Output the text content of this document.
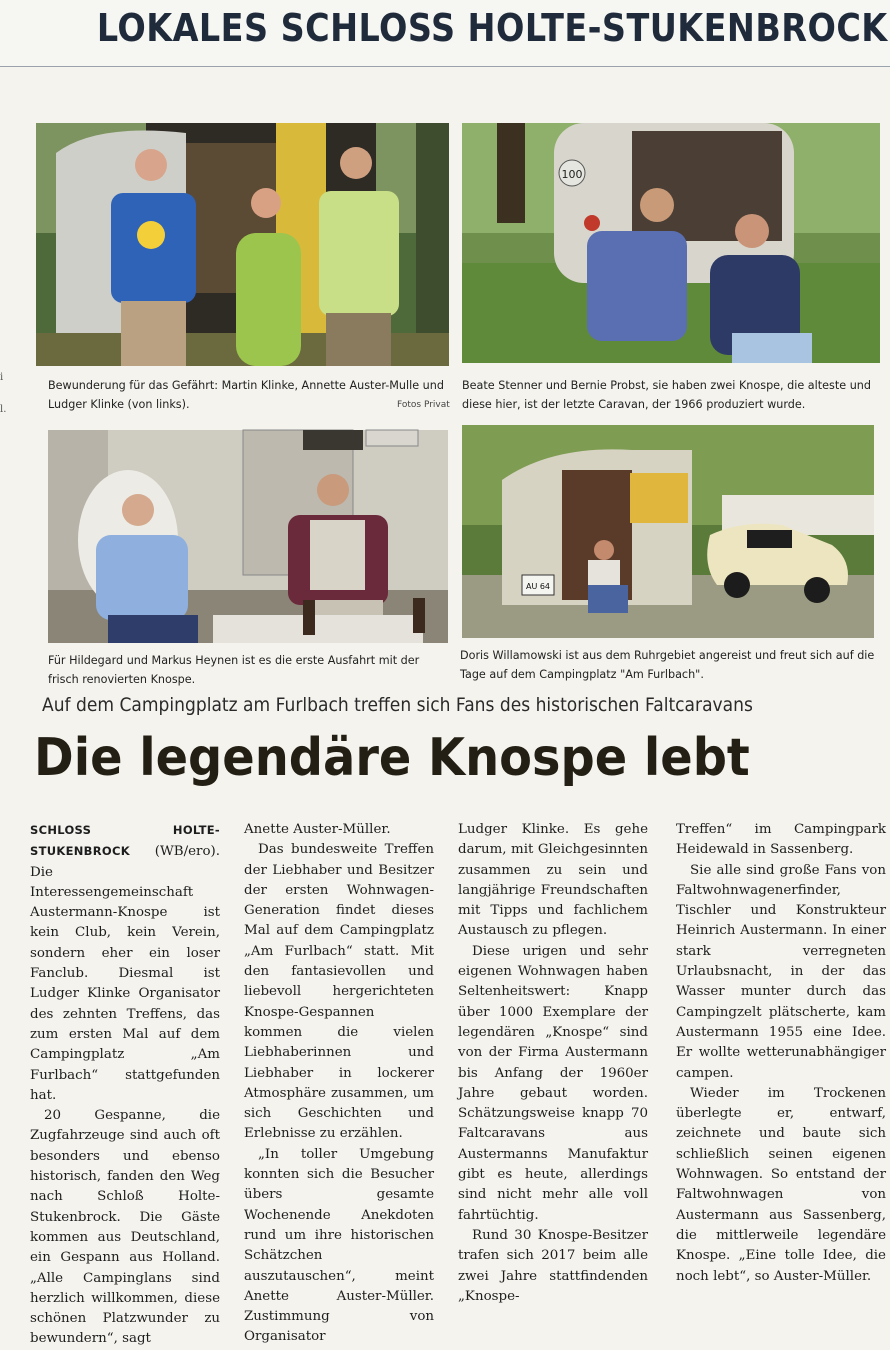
LOKALES SCHLOSS HOLTE-STUKENBROCK
i
l.
100
Bewunderung für das Gefährt: Martin Klinke, Annette Auster-Mulle und Ludger Klinke (von links).	Fotos Privat
Beate Stenner und Bernie Probst, sie haben zwei Knospe, die alteste und diese hier, ist der letzte Caravan, der 1966 produziert wurde.
AU 64
Für Hildegard und Markus Heynen ist es die erste Ausfahrt mit der frisch renovierten Knospe.
Doris Willamowski ist aus dem Ruhrgebiet angereist und freut sich auf die Tage auf dem Campingplatz "Am Furlbach".
Auf dem Campingplatz am Furlbach treffen sich Fans des historischen Faltcaravans
Die legendäre Knospe lebt

SCHLOSS HOLTE-STUKENBROCK (WB/ero). Die Interessengemeinschaft Austermann-Knospe ist kein Club, kein Verein, sondern eher ein loser Fanclub. Diesmal ist Ludger Klinke Organisator des zehnten Treffens, das zum ersten Mal auf dem Campingplatz „Am Furlbach“ stattgefunden hat.

20 Gespanne, die Zugfahrzeuge sind auch oft besonders und ebenso historisch, fanden den Weg nach Schloß Holte-Stukenbrock. Die Gäste kommen aus Deutschland, ein Gespann aus Holland. „Alle Campinglans sind herzlich willkommen, diese schönen Platzwunder zu bewundern“, sagt

Anette Auster-Müller.

Das bundesweite Treffen der Liebhaber und Besitzer der ersten Wohnwagen-Generation findet dieses Mal auf dem Campingplatz „Am Furlbach“ statt. Mit den fantasievollen und liebevoll hergerichteten Knospe-Gespannen kommen die vielen Liebhaberinnen und Liebhaber in lockerer Atmosphäre zusammen, um sich Geschichten und Erlebnisse zu erzählen.

„In toller Umgebung konnten sich die Besucher übers gesamte Wochenende Anekdoten rund um ihre historischen Schätzchen auszutauschen“, meint Anette Auster-Müller. Zustimmung von Organisator

Ludger Klinke. Es gehe darum, mit Gleichgesinnten zusammen zu sein und langjährige Freundschaften mit Tipps und fachlichem Austausch zu pflegen.

Diese urigen und sehr eigenen Wohnwagen haben Seltenheitswert: Knapp über 1000 Exemplare der legendären „Knospe“ sind von der Firma Austermann bis Anfang der 1960er Jahre gebaut worden. Schätzungsweise knapp 70 Faltcaravans aus Austermanns Manufaktur gibt es heute, allerdings sind nicht mehr alle voll fahrtüchtig.

Rund 30 Knospe-Besitzer trafen sich 2017 beim alle zwei Jahre stattfindenden „Knospe-

Treffen“ im Campingpark Heidewald in Sassenberg.

Sie alle sind große Fans von Faltwohnwagenerfinder, Tischler und Konstrukteur Heinrich Austermann. In einer stark verregneten Urlaubsnacht, in der das Wasser munter durch das Campingzelt plätscherte, kam Austermann 1955 eine Idee. Er wollte wetterunabhängiger campen.

Wieder im Trockenen überlegte er, entwarf, zeichnete und baute sich schließlich seinen eigenen Wohnwagen. So entstand der Faltwohnwagen von Austermann aus Sassenberg, die mittlerweile legendäre Knospe. „Eine tolle Idee, die noch lebt“, so Auster-Müller.
